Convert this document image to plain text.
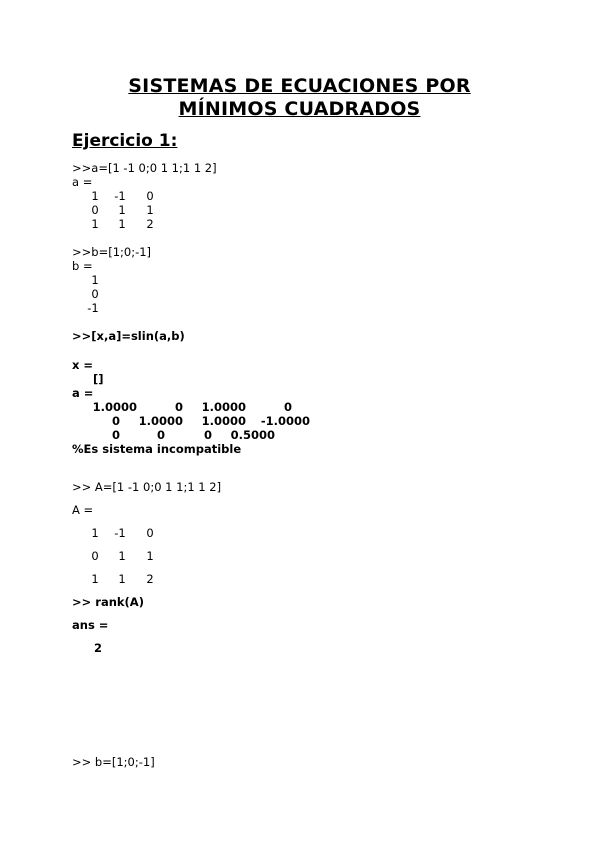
SISTEMAS DE ECUACIONES POR
MÍNIMOS CUADRADOS
Ejercicio 1:
>>a=[1 -1 0;0 1 1;1 1 2]
a =
1	-1	0
0	1	1
1	1	2
>>b=[1;0;-1]
b =
1
0
-1
>>[x,a]=slin(a,b)
x =
[]
a =
1.0000	0	1.0000	0
0	1.0000	1.0000	-1.0000
0	0	0	0.5000
%Es sistema incompatible
>> A=[1 -1 0;0 1 1;1 1 2]
A =
1	-1	0
0	1	1
1	1	2
>> rank(A)
ans =
2
>> b=[1;0;-1]
